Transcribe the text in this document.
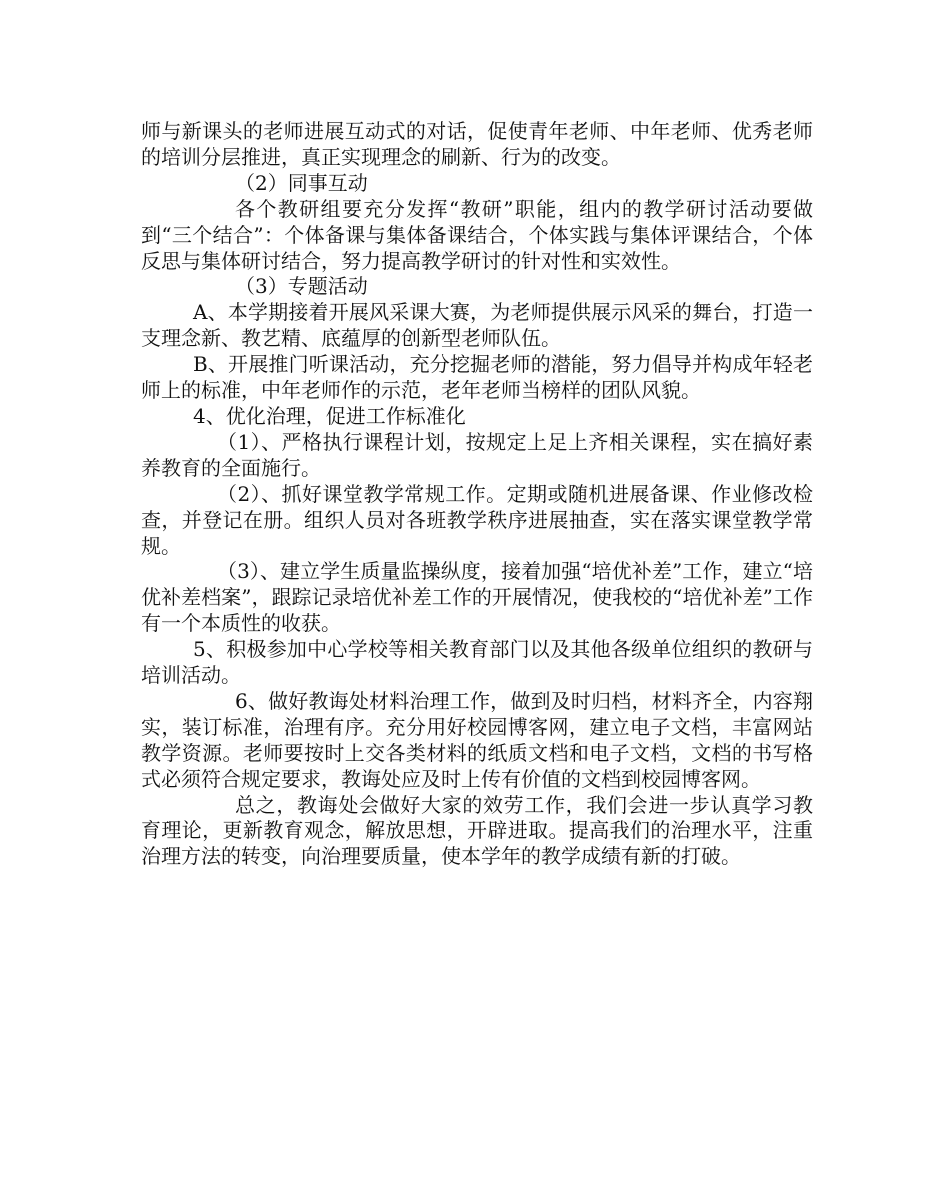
师与新课头的老师进展互动式的对话，促使青年老师、中年老师、优秀老师的培训分层推进，真正实现理念的刷新、行为的改变。

（2）同事互动

各个教研组要充分发挥“教研”职能，组内的教学研讨活动要做到“三个结合”：个体备课与集体备课结合，个体实践与集体评课结合，个体反思与集体研讨结合，努力提高教学研讨的针对性和实效性。

（3）专题活动

A、本学期接着开展风采课大赛，为老师提供展示风采的舞台，打造一支理念新、教艺精、底蕴厚的创新型老师队伍。

B、开展推门听课活动，充分挖掘老师的潜能，努力倡导并构成年轻老师上的标准，中年老师作的示范，老年老师当榜样的团队风貌。

4、优化治理，促进工作标准化

（1）、严格执行课程计划，按规定上足上齐相关课程，实在搞好素养教育的全面施行。

（2）、抓好课堂教学常规工作。定期或随机进展备课、作业修改检查，并登记在册。组织人员对各班教学秩序进展抽查，实在落实课堂教学常规。

（3）、建立学生质量监操纵度，接着加强“培优补差”工作，建立“培优补差档案”，跟踪记录培优补差工作的开展情况，使我校的“培优补差”工作有一个本质性的收获。

5、积极参加中心学校等相关教育部门以及其他各级单位组织的教研与培训活动。

6、做好教诲处材料治理工作，做到及时归档，材料齐全，内容翔实，装订标准，治理有序。充分用好校园博客网，建立电子文档，丰富网站教学资源。老师要按时上交各类材料的纸质文档和电子文档，文档的书写格式必须符合规定要求，教诲处应及时上传有价值的文档到校园博客网。

总之，教诲处会做好大家的效劳工作，我们会进一步认真学习教育理论，更新教育观念，解放思想，开辟进取。提高我们的治理水平，注重治理方法的转变，向治理要质量，使本学年的教学成绩有新的打破。
